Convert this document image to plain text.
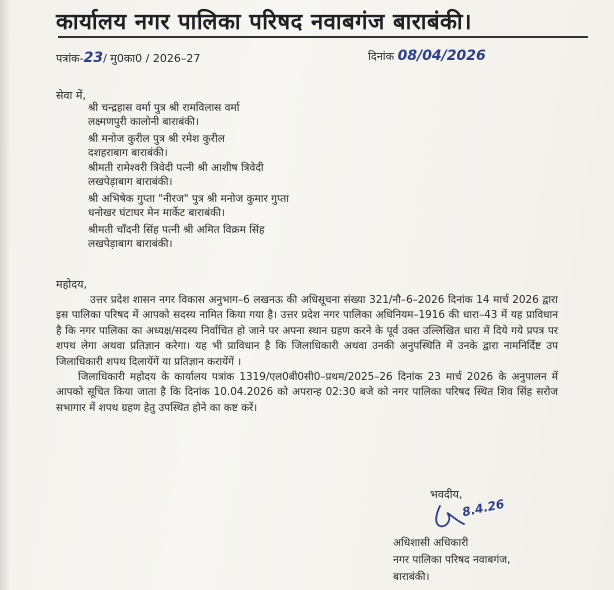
कार्यालय नगर पालिका परिषद नवाबगंज बाराबंकी।
पत्रांक-23/ मु0का0 / 2026–27	दिनांक 08/04/2026
सेवा में,
श्री चन्द्रहास वर्मा पुत्र श्री रामविलास वर्मा
लक्ष्मणपुरी कालोनी बाराबंकी।
श्री मनोज कुरील पुत्र श्री रमेश कुरील
दशहराबाग बाराबंकी।
श्रीमती रामेश्वरी त्रिवेदी पत्नी श्री आशीष त्रिवेदी
लखपेड़ाबाग बाराबंकी।
श्री अभिषेक गुप्ता "नीरज" पुत्र श्री मनोज कुमार गुप्ता
धनोखर घंटाघर मेन मार्केट बाराबंकी।
श्रीमती चाँदनी सिंह पत्नी श्री अमित विक्रम सिंह
लखपेड़ाबाग बाराबंकी।
महोदय,

उत्तर प्रदेश शासन नगर विकास अनुभाग–6 लखनऊ की अधिसूचना संख्या 321/नौ–6–2026 दिनांक 14 मार्च 2026 द्वारा इस पालिका परिषद में आपको सदस्य नामित किया गया है। उत्तर प्रदेश नगर पालिका अधिनियम–1916 की धारा–43 में यह प्राविधान है कि नगर पालिका का अध्यक्ष/सदस्य निर्वाचित हो जाने पर अपना स्थान ग्रहण करने के पूर्व उक्त उल्लिखित धारा में दिये गये प्रपत्र पर शपथ लेगा अथवा प्रतिज्ञान करेगा। यह भी प्राविधान है कि जिलाधिकारी अथवा उनकी अनुपस्थिति में उनके द्वारा नामनिर्दिष्ट उप जिलाधिकारी शपथ दिलायेंगें या प्रतिज्ञान करायेंगें ।

जिलाधिकारी महोदय के कार्यालय पत्रांक 1319/एल0बी0सी0–प्रथम/2025–26 दिनांक 23 मार्च 2026 के अनुपालन में आपको सूचित किया जाता है कि दिनांक 10.04.2026 को अपरान्ह 02:30 बजे को नगर पालिका परिषद स्थित शिव सिंह सरोज सभागार में शपथ ग्रहण हेतु उपस्थित होने का कष्ट करें।

भवदीय,
8.4.26
अधिशासी अधिकारी
नगर पालिका परिषद नवाबगंज,
बाराबंकी।
